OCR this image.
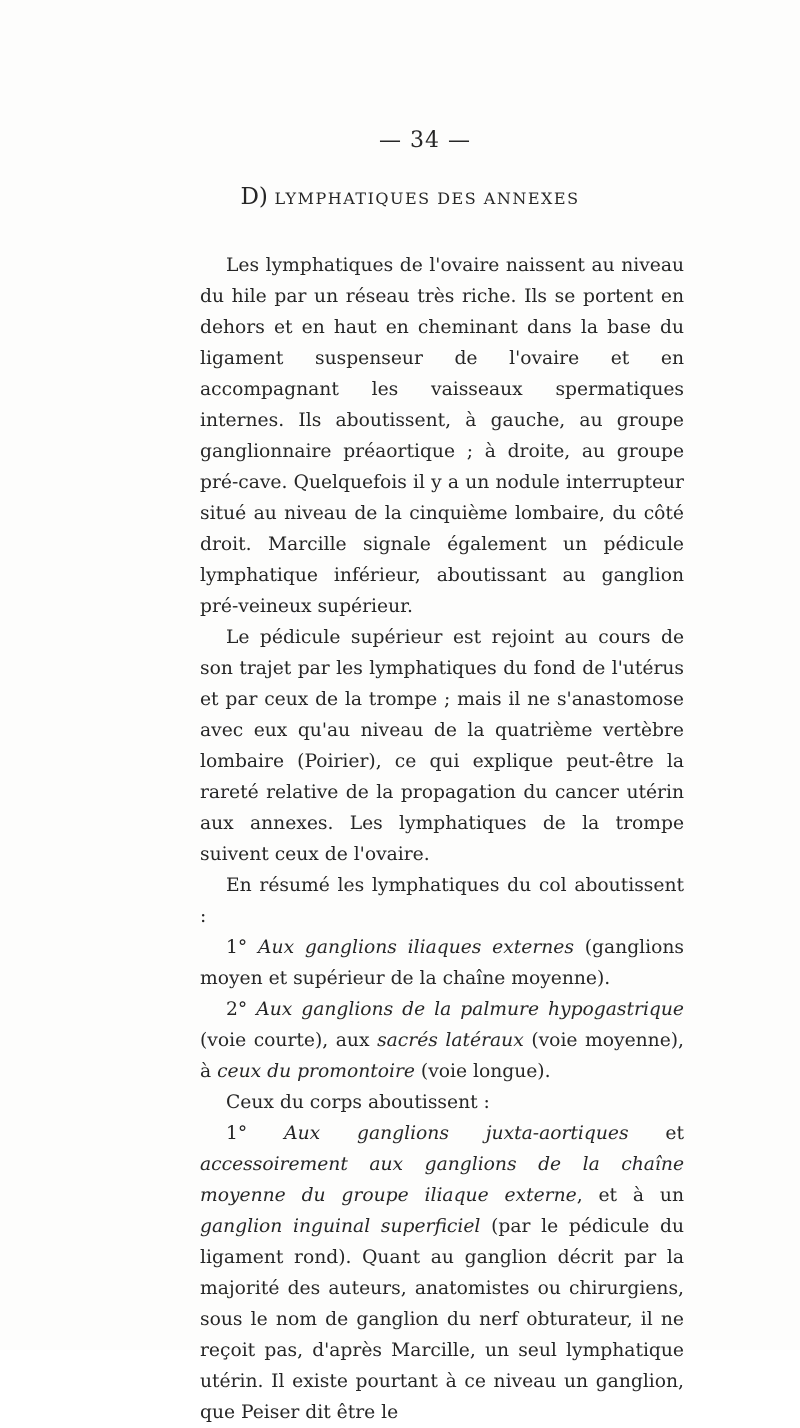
— 34 —
D) LYMPHATIQUES DES ANNEXES

Les lymphatiques de l'ovaire naissent au niveau du hile par un réseau très riche. Ils se portent en dehors et en haut en cheminant dans la base du ligament suspenseur de l'ovaire et en accompagnant les vaisseaux spermatiques internes. Ils aboutissent, à gauche, au groupe ganglionnaire préaortique ; à droite, au groupe pré-cave. Quelquefois il y a un nodule interrupteur situé au niveau de la cinquième lombaire, du côté droit. Marcille signale également un pédicule lymphatique inférieur, aboutissant au ganglion pré-veineux supérieur.

Le pédicule supérieur est rejoint au cours de son trajet par les lymphatiques du fond de l'utérus et par ceux de la trompe ; mais il ne s'anastomose avec eux qu'au niveau de la quatrième vertèbre lombaire (Poirier), ce qui explique peut-être la rareté relative de la propagation du cancer utérin aux annexes. Les lymphatiques de la trompe suivent ceux de l'ovaire.

En résumé les lymphatiques du col aboutissent :

1° Aux ganglions iliaques externes (ganglions moyen et supérieur de la chaîne moyenne).

2° Aux ganglions de la palmure hypogastrique (voie courte), aux sacrés latéraux (voie moyenne), à ceux du promontoire (voie longue).

Ceux du corps aboutissent :

1° Aux ganglions juxta-aortiques et accessoirement aux ganglions de la chaîne moyenne du groupe iliaque externe, et à un ganglion inguinal superficiel (par le pédicule du ligament rond). Quant au ganglion décrit par la majorité des auteurs, anatomistes ou chirurgiens, sous le nom de ganglion du nerf obturateur, il ne reçoit pas, d'après Marcille, un seul lymphatique utérin. Il existe pourtant à ce niveau un ganglion, que Peiser dit être le
